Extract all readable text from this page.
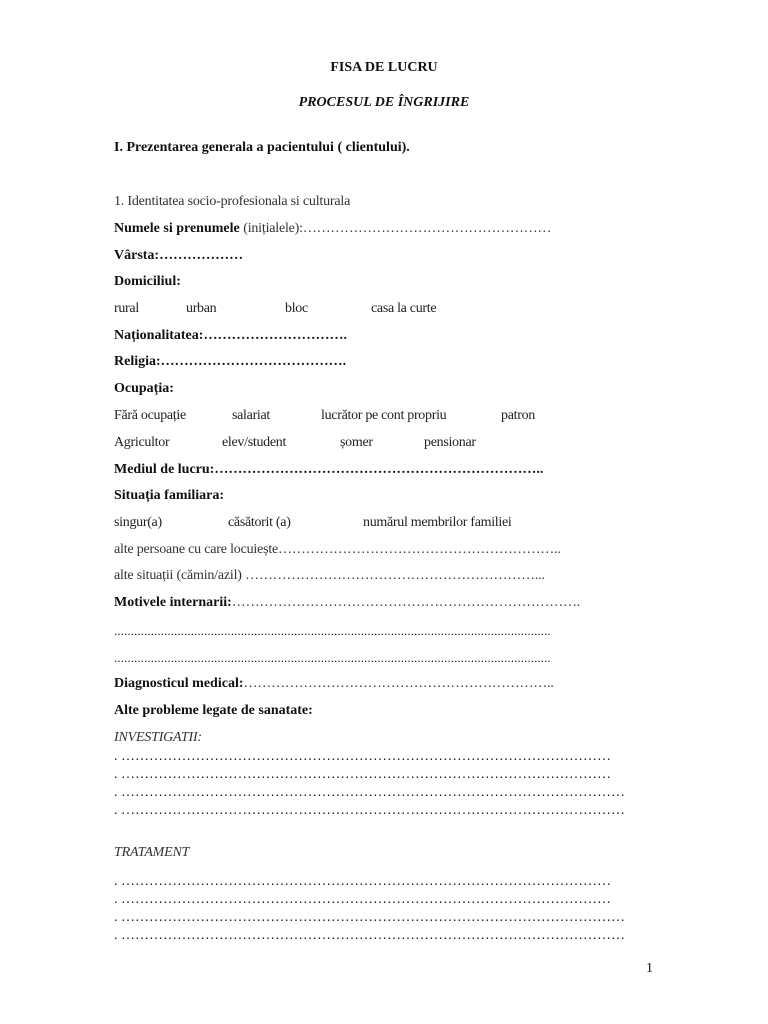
FISA DE LUCRU
PROCESUL DE ÎNGRIJIRE
I. Prezentarea generala a pacientului ( clientului).
1. Identitatea socio-profesionala si culturala
Numele si prenumele (inițialele):………………………………………………
Vârsta:………………
Domiciliul:
rural	urban	bloc	casa la curte
Naționalitatea:………………………….
Religia:………………………………….
Ocupația:
Fără ocupație	salariat	lucrător pe cont propriu	patron
Agricultor	elev/student	șomer	pensionar
Mediul de lucru:……………………………………………………………..
Situația familiara:
singur(a)	căsătorit (a)	numărul membrilor familiei
alte persoane cu care locuiește……………………………………………………..
alte situații (cămin/azil) ………………………………………………………...
Motivele internarii:………………………………………………………………….
...................................................................................................................................
...................................................................................................................................
Diagnosticul medical:…………………………………………………………..
Alte probleme legate de sanatate:
INVESTIGATII:
. ……………………………………………………………………………………………
. ……………………………………………………………………………………………
. ………………………………………………………………………………………………
. ………………………………………………………………………………………………
TRATAMENT
. ……………………………………………………………………………………………
. ……………………………………………………………………………………………
. ………………………………………………………………………………………………
. ………………………………………………………………………………………………
1
